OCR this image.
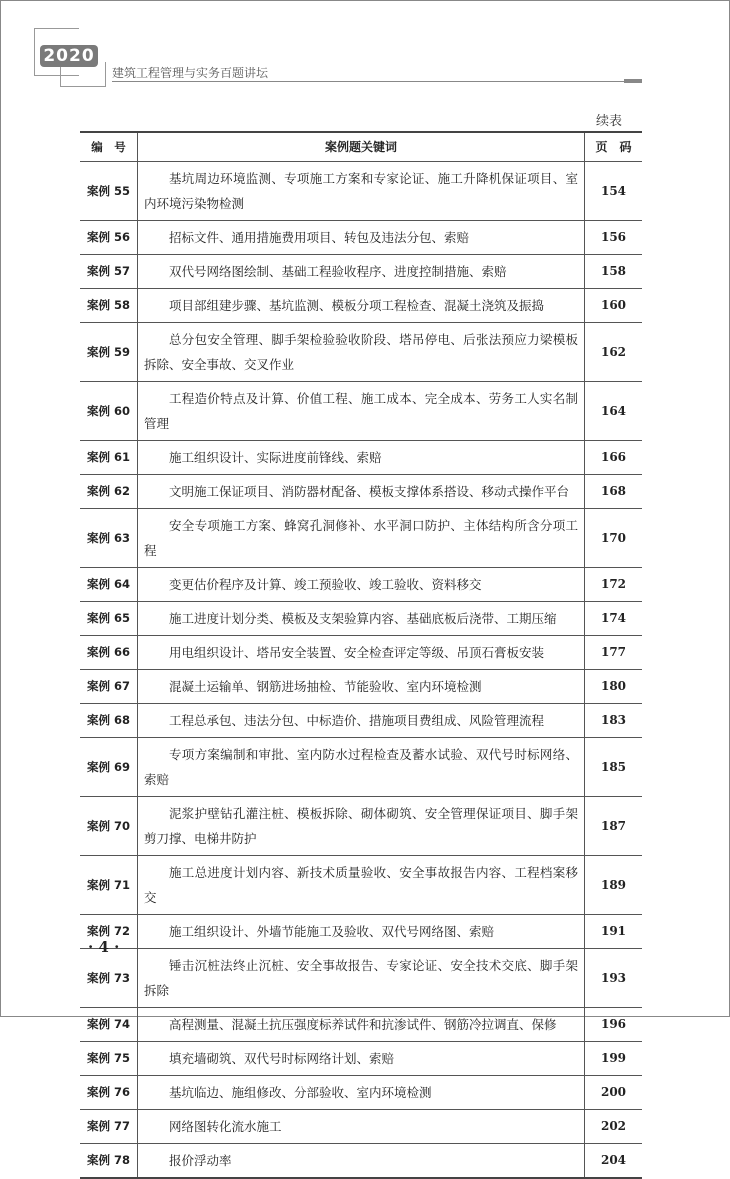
2020
建筑工程管理与实务百题讲坛
续表
编　号	案例题关键词	页　码
案例 55	基坑周边环境监测、专项施工方案和专家论证、施工升降机保证项目、室内环境污染物检测	154
案例 56	招标文件、通用措施费用项目、转包及违法分包、索赔	156
案例 57	双代号网络图绘制、基础工程验收程序、进度控制措施、索赔	158
案例 58	项目部组建步骤、基坑监测、模板分项工程检查、混凝土浇筑及振捣	160
案例 59	总分包安全管理、脚手架检验验收阶段、塔吊停电、后张法预应力梁模板拆除、安全事故、交叉作业	162
案例 60	工程造价特点及计算、价值工程、施工成本、完全成本、劳务工人实名制管理	164
案例 61	施工组织设计、实际进度前锋线、索赔	166
案例 62	文明施工保证项目、消防器材配备、模板支撑体系搭设、移动式操作平台	168
案例 63	安全专项施工方案、蜂窝孔洞修补、水平洞口防护、主体结构所含分项工程	170
案例 64	变更估价程序及计算、竣工预验收、竣工验收、资料移交	172
案例 65	施工进度计划分类、模板及支架验算内容、基础底板后浇带、工期压缩	174
案例 66	用电组织设计、塔吊安全装置、安全检查评定等级、吊顶石膏板安装	177
案例 67	混凝土运输单、钢筋进场抽检、节能验收、室内环境检测	180
案例 68	工程总承包、违法分包、中标造价、措施项目费组成、风险管理流程	183
案例 69	专项方案编制和审批、室内防水过程检查及蓄水试验、双代号时标网络、索赔	185
案例 70	泥浆护壁钻孔灌注桩、模板拆除、砌体砌筑、安全管理保证项目、脚手架剪刀撑、电梯井防护	187
案例 71	施工总进度计划内容、新技术质量验收、安全事故报告内容、工程档案移交	189
案例 72	施工组织设计、外墙节能施工及验收、双代号网络图、索赔	191
案例 73	锤击沉桩法终止沉桩、安全事故报告、专家论证、安全技术交底、脚手架拆除	193
案例 74	高程测量、混凝土抗压强度标养试件和抗渗试件、钢筋冷拉调直、保修	196
案例 75	填充墙砌筑、双代号时标网络计划、索赔	199
案例 76	基坑临边、施组修改、分部验收、室内环境检测	200
案例 77	网络图转化流水施工	202
案例 78	报价浮动率	204
· 4 ·
